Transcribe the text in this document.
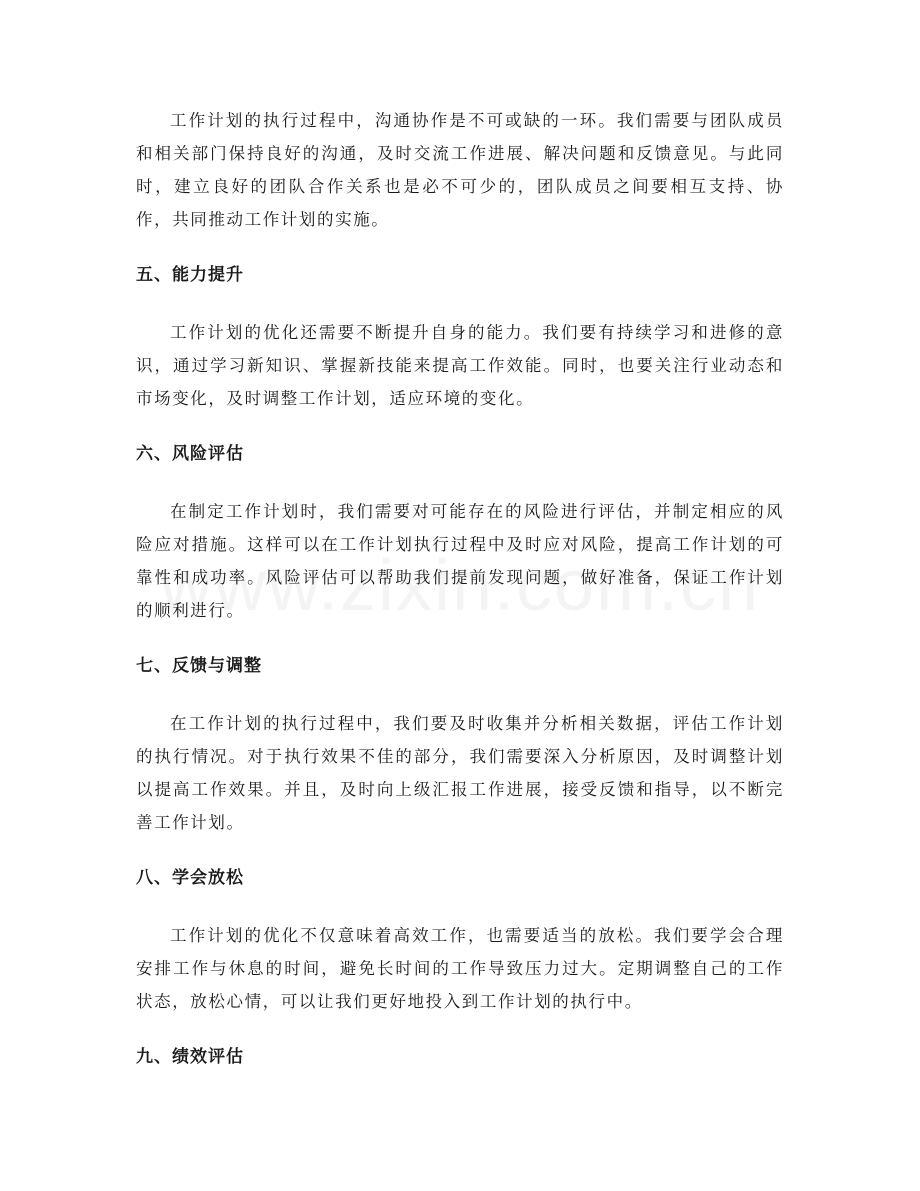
工作计划的执行过程中，沟通协作是不可或缺的一环。我们需要与团队成员和相关部门保持良好的沟通，及时交流工作进展、解决问题和反馈意见。与此同时，建立良好的团队合作关系也是必不可少的，团队成员之间要相互支持、协作，共同推动工作计划的实施。

五、能力提升

工作计划的优化还需要不断提升自身的能力。我们要有持续学习和进修的意识，通过学习新知识、掌握新技能来提高工作效能。同时，也要关注行业动态和市场变化，及时调整工作计划，适应环境的变化。

六、风险评估

在制定工作计划时，我们需要对可能存在的风险进行评估，并制定相应的风险应对措施。这样可以在工作计划执行过程中及时应对风险，提高工作计划的可靠性和成功率。风险评估可以帮助我们提前发现问题，做好准备，保证工作计划的顺利进行。

七、反馈与调整

在工作计划的执行过程中，我们要及时收集并分析相关数据，评估工作计划的执行情况。对于执行效果不佳的部分，我们需要深入分析原因，及时调整计划以提高工作效果。并且，及时向上级汇报工作进展，接受反馈和指导，以不断完善工作计划。

八、学会放松

工作计划的优化不仅意味着高效工作，也需要适当的放松。我们要学会合理安排工作与休息的时间，避免长时间的工作导致压力过大。定期调整自己的工作状态，放松心情，可以让我们更好地投入到工作计划的执行中。

九、绩效评估
